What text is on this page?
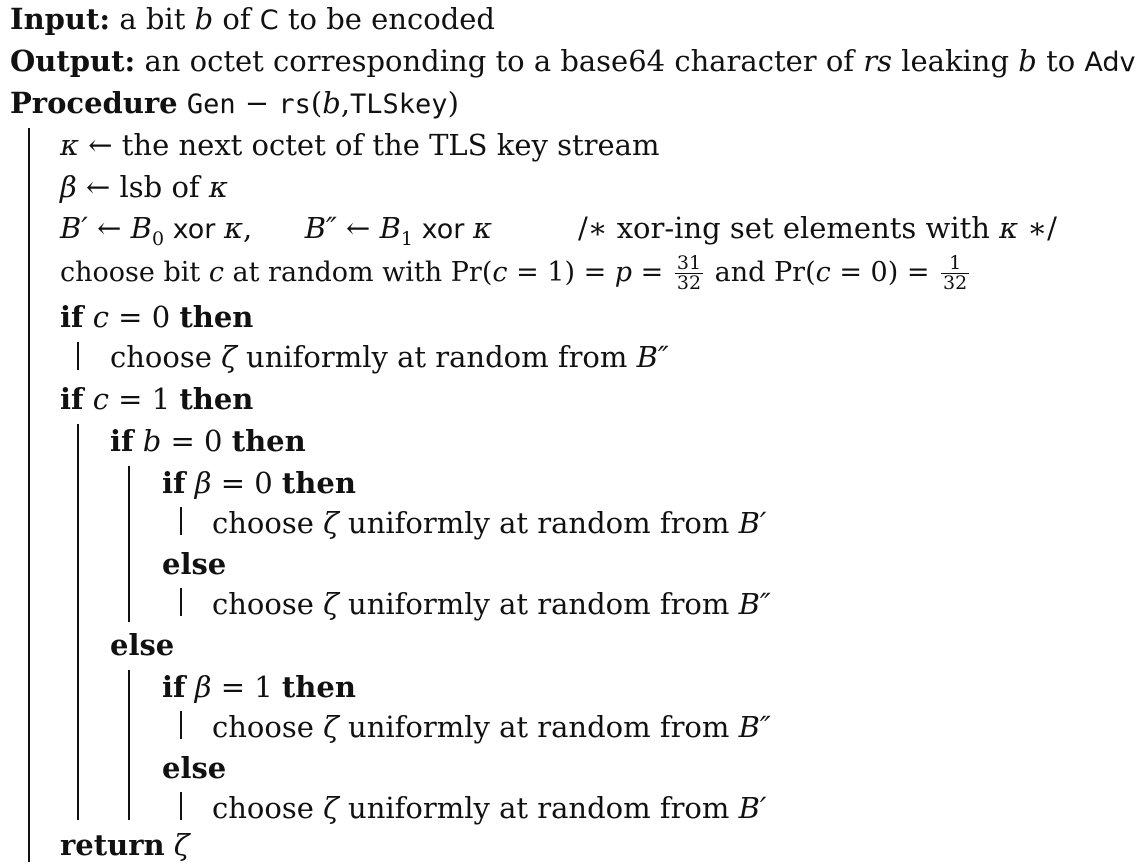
Input: a bit b of C to be encoded
Output: an octet corresponding to a base64 character of rs leaking b to Adv
Procedure Gen − rs(b,TLSkey)
κ ← the next octet of the TLS key stream
β ← lsb of κ
B′ ← $B_0$ xor κ, B″ ← $B_1$ xor κ	/∗ xor-ing set elements with κ ∗/
choose bit c at random with $Pr(c = 1) = p = \frac{31}{32}$ and $Pr(c = 0) = \frac{1}{32}$
if c = 0 then
choose ζ uniformly at random from B″
if c = 1 then
if b = 0 then
if β = 0 then
choose ζ uniformly at random from B′
else
choose ζ uniformly at random from B″
else
if β = 1 then
choose ζ uniformly at random from B″
else
choose ζ uniformly at random from B′
return ζ
